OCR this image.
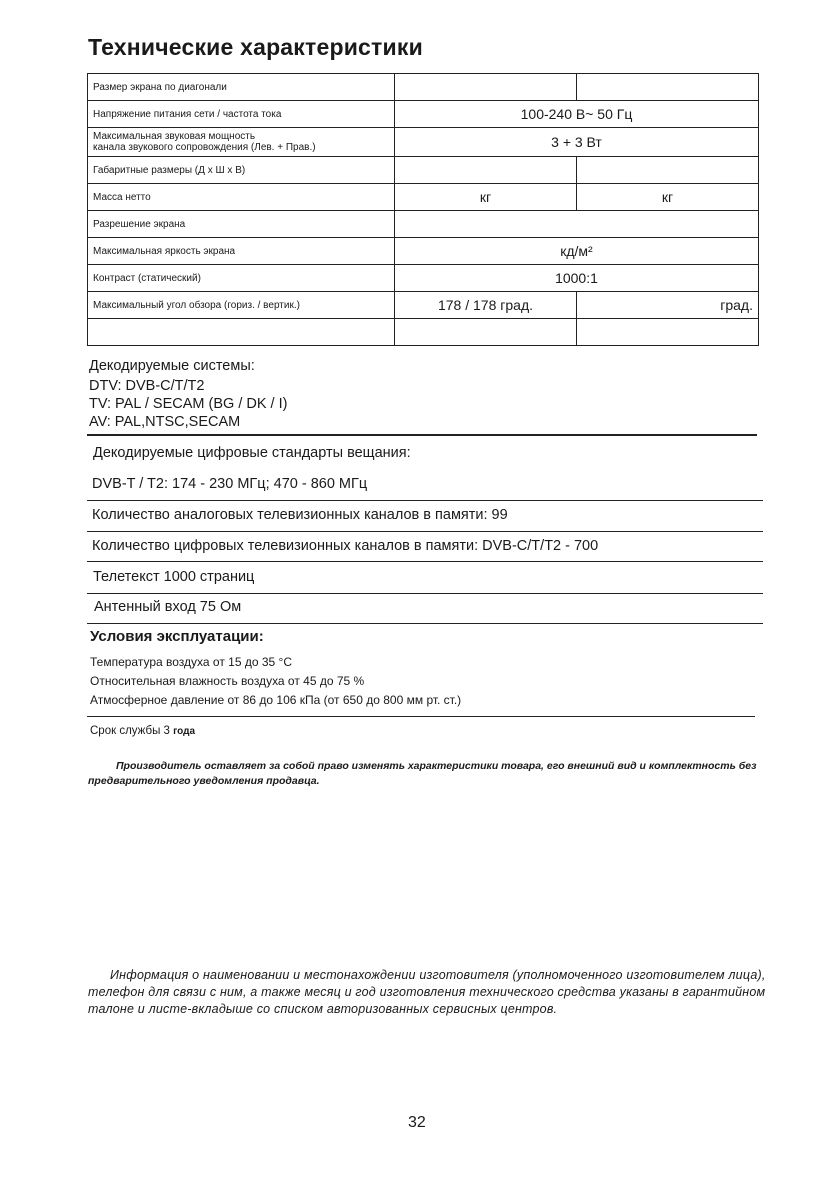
Технические характеристики
Размер экрана по диагонали		
Напряжение питания сети / частота тока	100-240 В~ 50 Гц	

Максимальная звуковая мощность
канала звукового сопровождения (Лев. + Прав.)	3 + 3 Вт	
Габаритные размеры (Д х Ш х В)		
Масса нетто	кг	кг
Разрешение экрана		
Максимальная яркость экрана	кд/м²	
Контраст (статический)	1000:1	
Максимальный угол обзора (гориз. / вертик.)	178 / 178 град.	град.

Декодируемые системы:
DTV: DVB-C/T/T2
TV: PAL / SECAM (BG / DK / I)
AV: PAL,NTSC,SECAM
Декодируемые цифровые стандарты вещания:
DVB-T / T2: 174 - 230 МГц; 470 - 860 МГц
Количество аналоговых телевизионных каналов в памяти: 99
Количество цифровых телевизионных каналов в памяти: DVB-C/T/T2 - 700
Телетекст 1000 страниц
Антенный вход 75 Ом
Условия эксплуатации:
Температура воздуха от 15 до 35 °С
Относительная влажность воздуха от 45 до 75 %
Атмосферное давление от 86 до 106 кПа (от 650 до 800 мм рт. ст.)
Срок службы 3 года
Производитель оставляет за собой право изменять характеристики товара, его внешний вид и комплектность без предварительного уведомления продавца.
Информация о наименовании и местонахождении изготовителя (уполномоченного изготовителем лица), телефон для связи с ним, а также месяц и год изготовления технического средства указаны в гарантийном талоне и листе-вкладыше со списком авторизованных сервисных центров.
32
